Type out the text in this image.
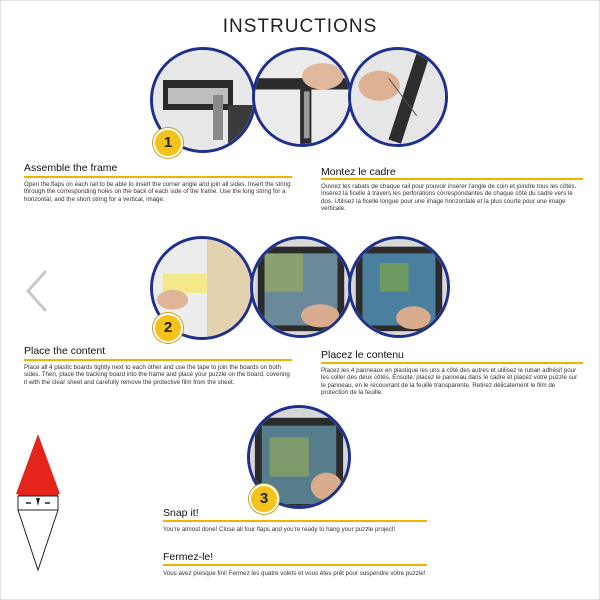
INSTRUCTIONS
1
Assemble the frame
Open the flaps on each rail to be able to insert the corner angle and join all sides. Insert the string through the corresponding holes on the back of each side of the frame. Use the long string for a horizontal, and the short string for a vertical, image.
Montez le cadre
Ouvrez les rabats de chaque rail pour pouvoir insérer l'angle de coin et joindre tous les côtés. Insérez la ficelle à travers les perforations correspondantes de chaque côté du cadre vers le dos. Utilisez la ficelle longue pour une image horizontale et la plus courte pour une image verticale.
2
Place the content
Place all 4 plastic boards tightly next to each other and use the tape to join the boards on both sides. Then, place the backing board into the frame and place your puzzle on the board, covering it with the clear sheet and carefully remove the protective film from the sheet.
Placez le contenu
Placez les 4 panneaux en plastique les uns à côté des autres et utilisez le ruban adhésif pour les coller des deux côtés. Ensuite, placez le panneau dans le cadre et placez votre puzzle sur le panneau, en le recouvrant de la feuille transparente. Retirez délicatement le film de protection de la feuille.
3
Snap it!
You're almost done! Close all four flaps and you're ready to hang your puzzle project!
Fermez-le!
Vous avez presque fini! Fermez les quatre volets et vous êtes prêt pour suspendre votre puzzle!
